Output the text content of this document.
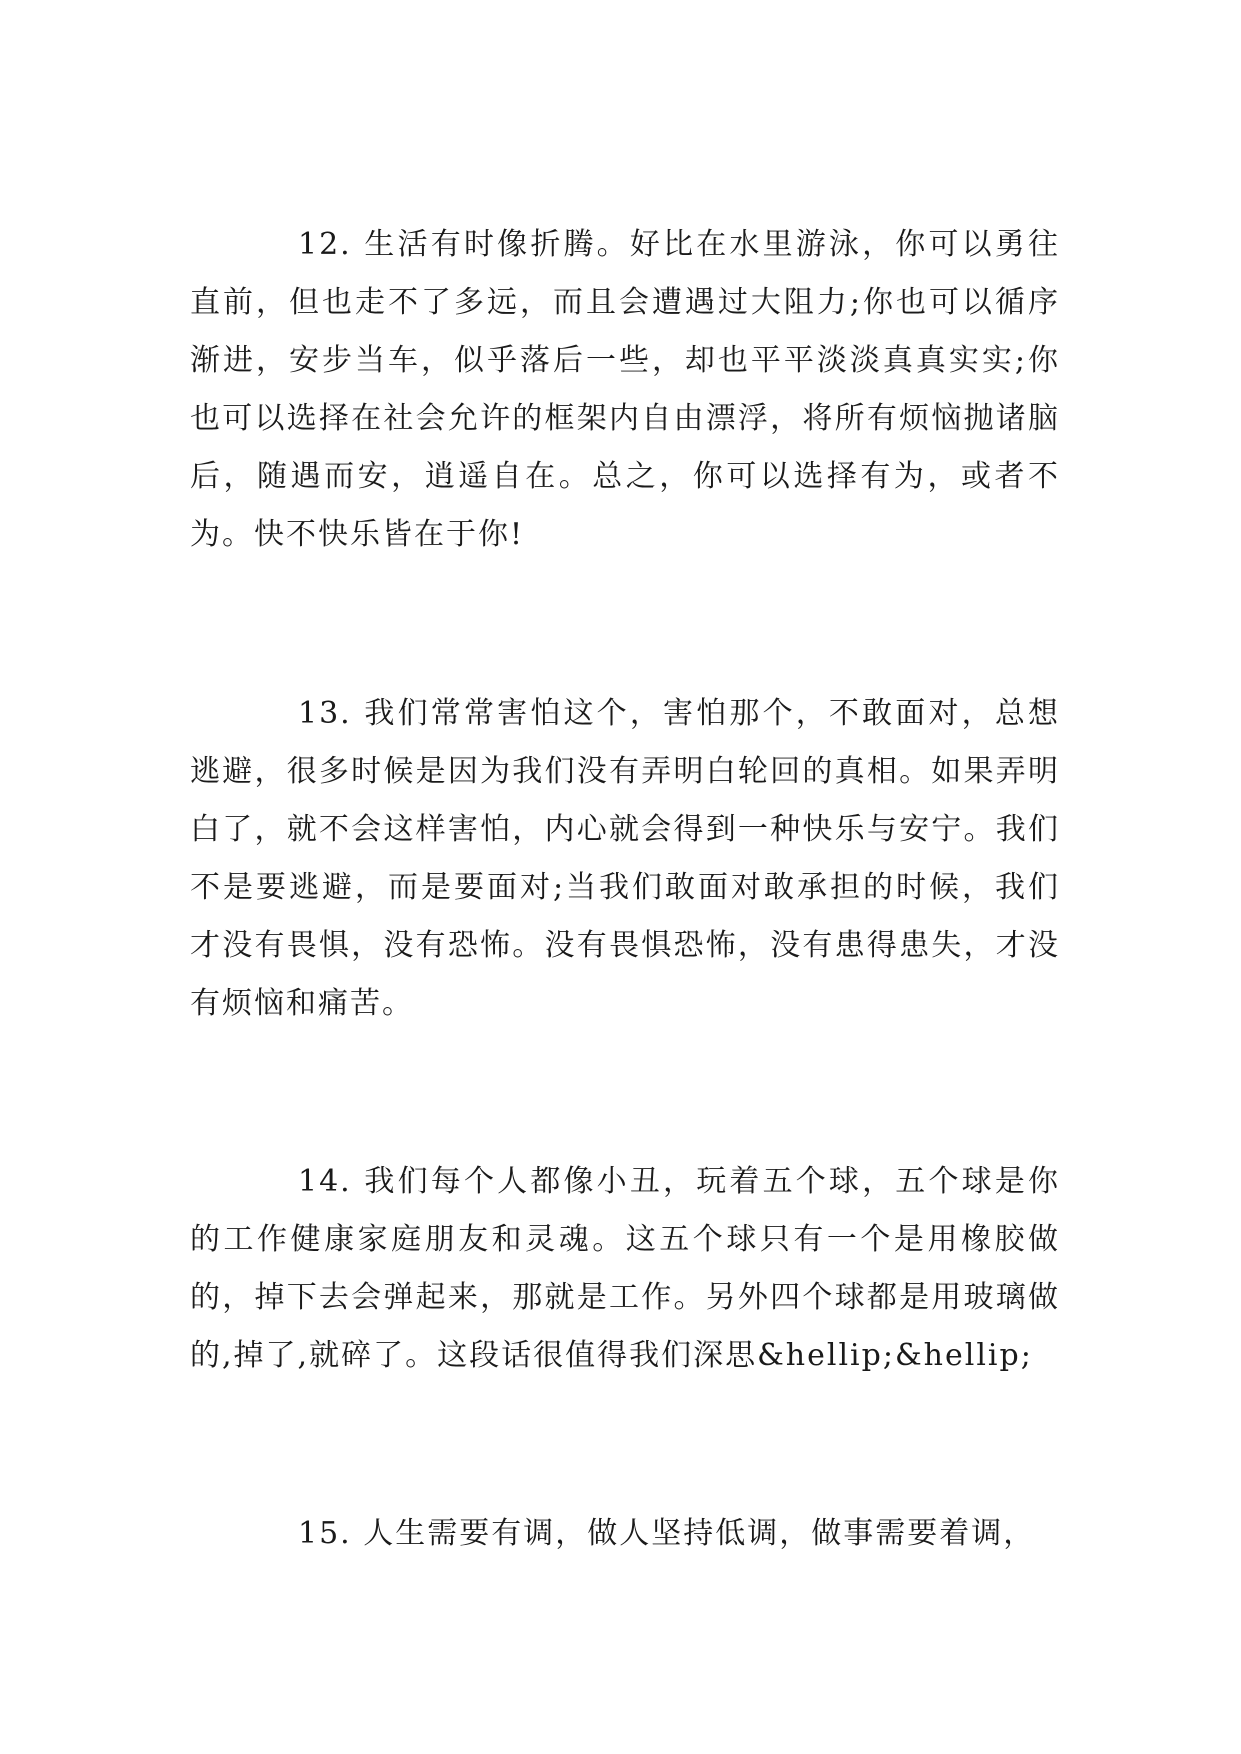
12. 生活有时像折腾。好比在水里游泳，你可以勇往直前，但也走不了多远，而且会遭遇过大阻力;你也可以循序渐进，安步当车，似乎落后一些，却也平平淡淡真真实实;你也可以选择在社会允许的框架内自由漂浮，将所有烦恼抛诸脑后，随遇而安，逍遥自在。总之，你可以选择有为，或者不为。快不快乐皆在于你!

13. 我们常常害怕这个，害怕那个，不敢面对，总想逃避，很多时候是因为我们没有弄明白轮回的真相。如果弄明白了，就不会这样害怕，内心就会得到一种快乐与安宁。我们不是要逃避，而是要面对;当我们敢面对敢承担的时候，我们才没有畏惧，没有恐怖。没有畏惧恐怖，没有患得患失，才没有烦恼和痛苦。

14. 我们每个人都像小丑，玩着五个球，五个球是你的工作健康家庭朋友和灵魂。这五个球只有一个是用橡胶做的，掉下去会弹起来，那就是工作。另外四个球都是用玻璃做的,掉了,就碎了。这段话很值得我们深思&hellip;&hellip;

15. 人生需要有调，做人坚持低调，做事需要着调，
